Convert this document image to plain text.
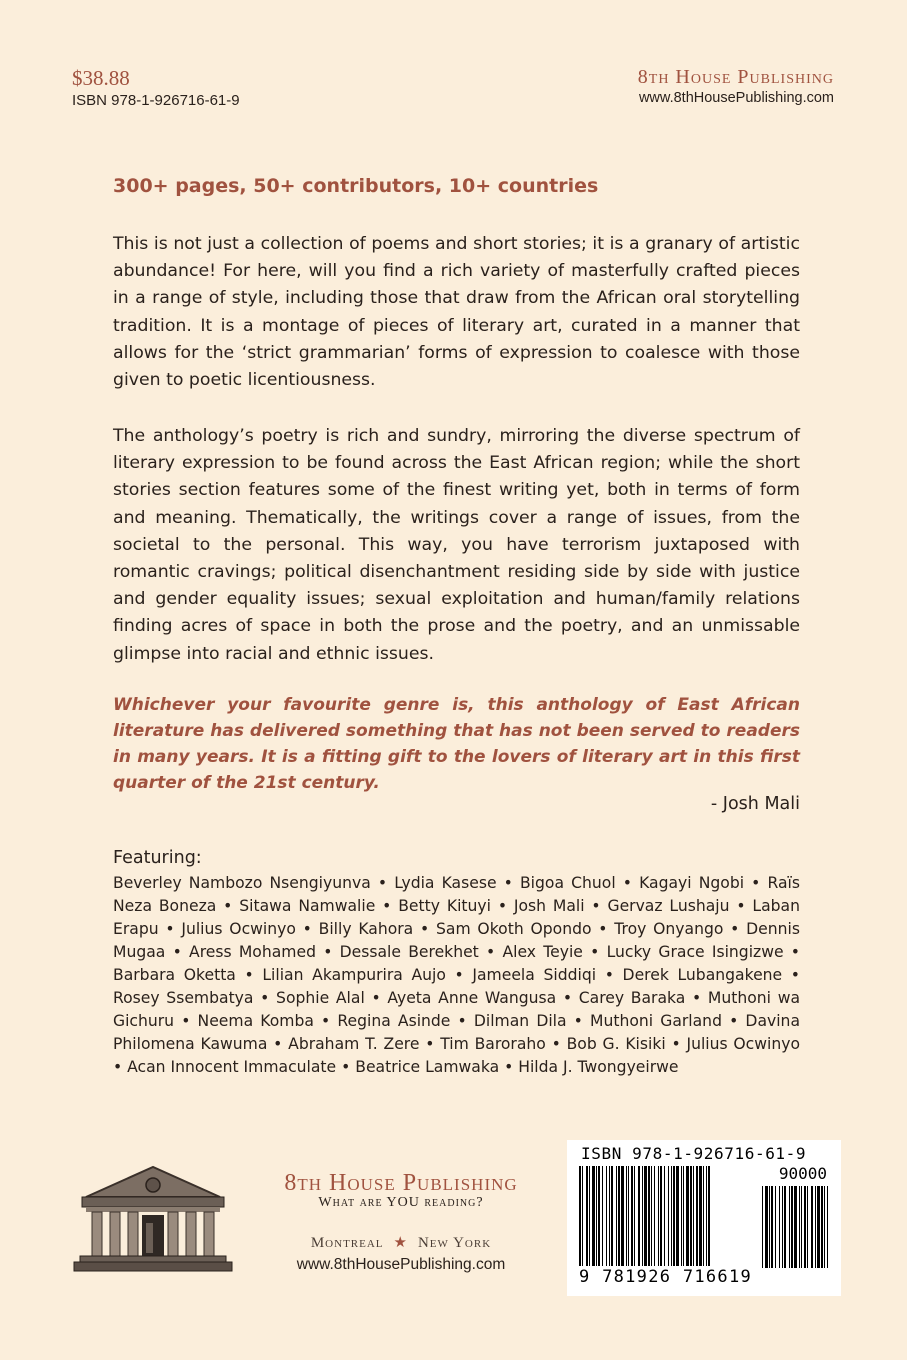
$38.88
ISBN 978-1-926716-61-9
8th House Publishing
www.8thHousePublishing.com
300+ pages, 50+ contributors, 10+ countries

This is not just a collection of poems and short stories; it is a granary of artistic abundance! For here, will you find a rich variety of masterfully crafted pieces in a range of style, including those that draw from the African oral storytelling tradition. It is a montage of pieces of literary art, curated in a manner that allows for the ‘strict grammarian’ forms of expression to coalesce with those given to poetic licentiousness.

The anthology’s poetry is rich and sundry, mirroring the diverse spectrum of literary expression to be found across the East African region; while the short stories section features some of the finest writing yet, both in terms of form and meaning. Thematically, the writings cover a range of issues, from the societal to the personal. This way, you have terrorism juxtaposed with romantic cravings; political disenchantment residing side by side with justice and gender equality issues; sexual exploitation and human/family relations finding acres of space in both the prose and the poetry, and an unmissable glimpse into racial and ethnic issues.

Whichever your favourite genre is, this anthology of East African literature has delivered something that has not been served to readers in many years. It is a fitting gift to the lovers of literary art in this first quarter of the 21st century.

- Josh Mali
Featuring:

Beverley Nambozo Nsengiyunva • Lydia Kasese • Bigoa Chuol • Kagayi Ngobi • Raïs Neza Boneza • Sitawa Namwalie • Betty Kituyi • Josh Mali • Gervaz Lushaju • Laban Erapu • Julius Ocwinyo • Billy Kahora • Sam Okoth Opondo • Troy Onyango • Dennis Mugaa • Aress Mohamed • Dessale Berekhet • Alex Teyie • Lucky Grace Isingizwe • Barbara Oketta • Lilian Akampurira Aujo • Jameela Siddiqi • Derek Lubangakene • Rosey Ssembatya • Sophie Alal • Ayeta Anne Wangusa • Carey Baraka • Muthoni wa Gichuru • Neema Komba • Regina Asinde • Dilman Dila • Muthoni Garland • Davina Philomena Kawuma • Abraham T. Zere • Tim Baroraho • Bob G. Kisiki • Julius Ocwinyo • Acan Innocent Immaculate • Beatrice Lamwaka • Hilda J. Twongyeirwe

8th House Publishing
What are YOU reading?
Montreal ★ New York
www.8thHousePublishing.com
ISBN 978-1-926716-61-9
90000
9 781926 716619
